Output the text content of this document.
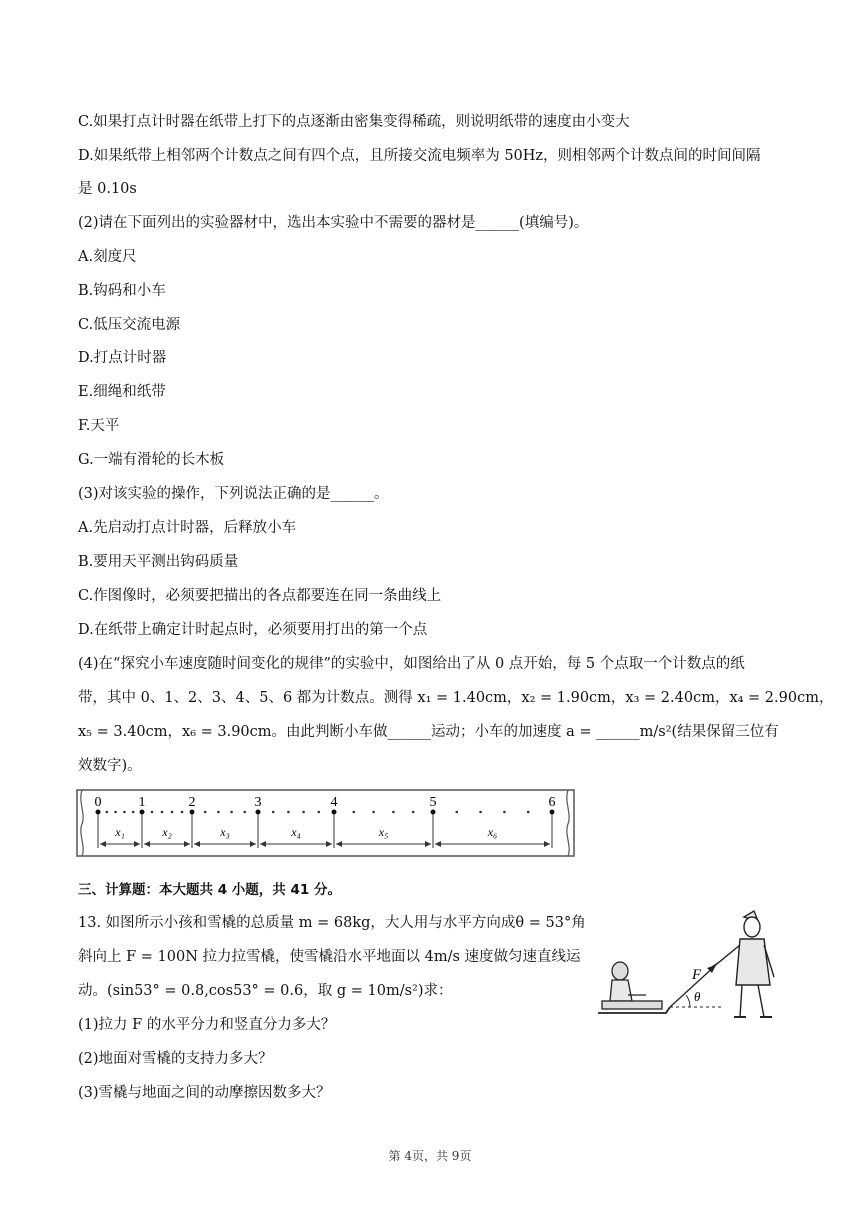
C.如果打点计时器在纸带上打下的点逐渐由密集变得稀疏，则说明纸带的速度由小变大
D.如果纸带上相邻两个计数点之间有四个点，且所接交流电频率为 50Hz，则相邻两个计数点间的时间间隔
是 0.10s
(2)请在下面列出的实验器材中，选出本实验中不需要的器材是______(填编号)。
A.刻度尺
B.钩码和小车
C.低压交流电源
D.打点计时器
E.细绳和纸带
F.天平
G.一端有滑轮的长木板
(3)对该实验的操作，下列说法正确的是______。
A.先启动打点计时器，后释放小车
B.要用天平测出钩码质量
C.作图像时，必须要把描出的各点都要连在同一条曲线上
D.在纸带上确定计时起点时，必须要用打出的第一个点
(4)在“探究小车速度随时间变化的规律”的实验中，如图给出了从 0 点开始，每 5 个点取一个计数点的纸
带，其中 0、1、2、3、4、5、6 都为计数点。测得 x₁ = 1.40cm，x₂ = 1.90cm，x₃ = 2.40cm，x₄ = 2.90cm，
x₅ = 3.40cm，x₆ = 3.90cm。由此判断小车做______运动；小车的加速度 a = ______m/s²(结果保留三位有
效数字)。
三、计算题：本大题共 4 小题，共 41 分。
13. 如图所示小孩和雪橇的总质量 m = 68kg，大人用与水平方向成θ = 53°角
斜向上 F = 100N 拉力拉雪橇，使雪橇沿水平地面以 4m/s 速度做匀速直线运
动。(sin53° = 0.8,cos53° = 0.6，取 g = 10m/s²)求：
(1)拉力 F 的水平分力和竖直分力多大？
(2)地面对雪橇的支持力多大？
(3)雪橇与地面之间的动摩擦因数多大？
0
x₁
1
x₂
2
x₃
3
x₄
4
x₅
5
x₆
6
F
θ
第 4页，共 9页
